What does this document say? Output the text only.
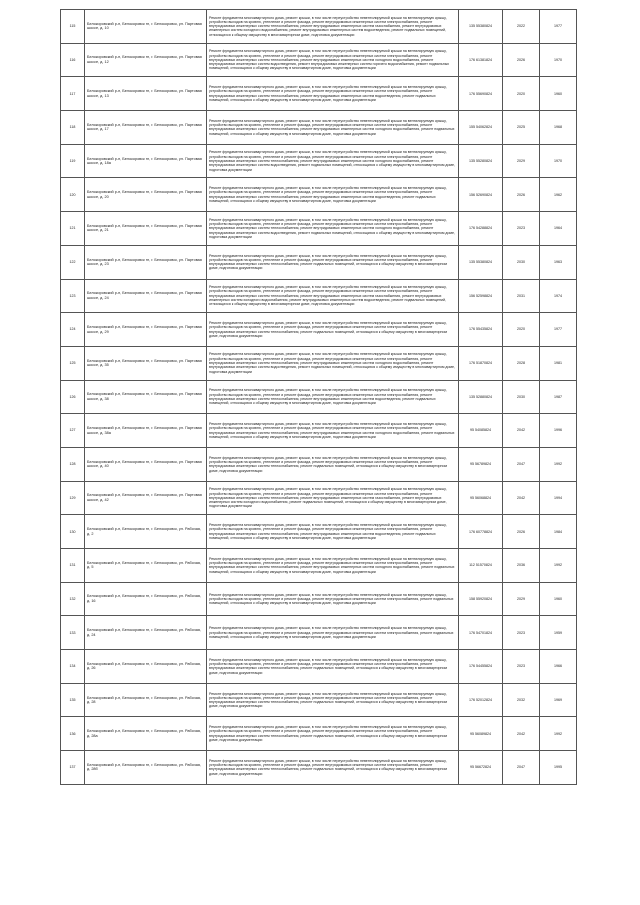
115	Белокоровский р-н, Белокоровск гп, г. Белокоровск, ул. Партовая шоссе, д. 10	Ремонт фундамента многоквартирного дома, ремонт крыши, в том числе переустройство невентилируемой крыши на вентилируемую крышу, устройство выходов на кровлю, утепление и ремонт фасада, ремонт внутридомовых инженерных систем электроснабжения, ремонт внутридомовых инженерных систем теплоснабжения, ремонт внутридомовых инженерных систем газоснабжения, ремонт внутридомовых инженерных систем холодного водоснабжения, ремонт внутридомовых инженерных систем водоотведения, ремонт подвальных помещений, относящихся к общему имуществу в многоквартирном доме, подготовка документации	135 55380824	2022	1977
116	Белокоровский р-н, Белокоровск гп, г. Белокоровск, ул. Партовая шоссе, д. 12	Ремонт фундамента многоквартирного дома, ремонт крыши, в том числе переустройство невентилируемой крыши на вентилируемую крышу, устройство выходов на кровлю, утепление и ремонт фасада, ремонт внутридомовых инженерных систем электроснабжения, ремонт внутридомовых инженерных систем теплоснабжения, ремонт внутридомовых инженерных систем холодного водоснабжения, ремонт внутридомовых инженерных систем водоотведения, ремонт внутридомовых инженерных систем горячего водоснабжения, ремонт подвальных помещений, относящихся к общему имуществу в многоквартирном доме, подготовка документации	176 61381824	2026	1970
117	Белокоровский р-н, Белокоровск гп, г. Белокоровск, ул. Партовая шоссе, д. 13	Ремонт фундамента многоквартирного дома, ремонт крыши, в том числе переустройство невентилируемой крыши на вентилируемую крышу, устройство выходов на кровлю, утепление и ремонт фасада, ремонт внутридомовых инженерных систем электроснабжения, ремонт внутридомовых инженерных систем теплоснабжения, ремонт внутридомовых инженерных систем водоотведения, ремонт подвальных помещений, относящихся к общему имуществу в многоквартирном доме, подготовка документации	176 55690824	2020	1960
118	Белокоровский р-н, Белокоровск гп, г. Белокоровск, ул. Партовая шоссе, д. 17	Ремонт фундамента многоквартирного дома, ремонт крыши, в том числе переустройство невентилируемой крыши на вентилируемую крышу, устройство выходов на кровлю, утепление и ремонт фасада, ремонт внутридомовых инженерных систем электроснабжения, ремонт внутридомовых инженерных систем теплоснабжения, ремонт внутридомовых инженерных систем холодного водоснабжения, ремонт подвальных помещений, относящихся к общему имуществу в многоквартирном доме, подготовка документации	155 54062824	2025	1968
119	Белокоровский р-н, Белокоровск гп, г. Белокоровск, ул. Партовая шоссе, д. 18а	Ремонт фундамента многоквартирного дома, ремонт крыши, в том числе переустройство невентилируемой крыши на вентилируемую крышу, устройство выходов на кровлю, утепление и ремонт фасада, ремонт внутридомовых инженерных систем электроснабжения, ремонт внутридомовых инженерных систем теплоснабжения, ремонт внутридомовых инженерных систем холодного водоснабжения, ремонт внутридомовых инженерных систем водоотведения, ремонт подвальных помещений, относящихся к общему имуществу в многоквартирном доме, подготовка документации	135 55280824	2029	1970
120	Белокоровский р-н, Белокоровск гп, г. Белокоровск, ул. Партовая шоссе, д. 20	Ремонт фундамента многоквартирного дома, ремонт крыши, в том числе переустройство невентилируемой крыши на вентилируемую крышу, устройство выходов на кровлю, утепление и ремонт фасада, ремонт внутридомовых инженерных систем электроснабжения, ремонт внутридомовых инженерных систем теплоснабжения, ремонт внутридомовых инженерных систем водоотведения, ремонт подвальных помещений, относящихся к общему имуществу в многоквартирном доме, подготовка документации	156 52690824	2026	1962
121	Белокоровский р-н, Белокоровск гп, г. Белокоровск, ул. Партовая шоссе, д. 21	Ремонт фундамента многоквартирного дома, ремонт крыши, в том числе переустройство невентилируемой крыши на вентилируемую крышу, устройство выходов на кровлю, утепление и ремонт фасада, ремонт внутридомовых инженерных систем электроснабжения, ремонт внутридомовых инженерных систем теплоснабжения, ремонт внутридомовых инженерных систем холодного водоснабжения, ремонт внутридомовых инженерных систем водоотведения, ремонт подвальных помещений, относящихся к общему имуществу в многоквартирном доме, подготовка документации	176 54288824	2023	1964
122	Белокоровский р-н, Белокоровск гп, г. Белокоровск, ул. Партовая шоссе, д. 23	Ремонт фундамента многоквартирного дома, ремонт крыши, в том числе переустройство невентилируемой крыши на вентилируемую крышу, устройство выходов на кровлю, утепление и ремонт фасада, ремонт внутридомовых инженерных систем электроснабжения, ремонт внутридомовых инженерных систем теплоснабжения, ремонт подвальных помещений, относящихся к общему имуществу в многоквартирном доме, подготовка документации	135 55380824	2030	1963
123	Белокоровский р-н, Белокоровск гп, г. Белокоровск, ул. Партовая шоссе, д. 24	Ремонт фундамента многоквартирного дома, ремонт крыши, в том числе переустройство невентилируемой крыши на вентилируемую крышу, устройство выходов на кровлю, утепление и ремонт фасада, ремонт внутридомовых инженерных систем электроснабжения, ремонт внутридомовых инженерных систем теплоснабжения, ремонт внутридомовых инженерных систем газоснабжения, ремонт внутридомовых инженерных систем холодного водоснабжения, ремонт внутридомовых инженерных систем водоотведения, ремонт подвальных помещений, относящихся к общему имуществу в многоквартирном доме, подготовка документации	156 52598824	2031	1974
124	Белокоровский р-н, Белокоровск гп, г. Белокоровск, ул. Партовая шоссе, д. 29	Ремонт фундамента многоквартирного дома, ремонт крыши, в том числе переустройство невентилируемой крыши на вентилируемую крышу, устройство выходов на кровлю, утепление и ремонт фасада, ремонт внутридомовых инженерных систем электроснабжения, ремонт внутридомовых инженерных систем теплоснабжения, ремонт подвальных помещений, относящихся к общему имуществу в многоквартирном доме, подготовка документации	176 55435824	2020	1977
125	Белокоровский р-н, Белокоровск гп, г. Белокоровск, ул. Партовая шоссе, д. 35	Ремонт фундамента многоквартирного дома, ремонт крыши, в том числе переустройство невентилируемой крыши на вентилируемую крышу, устройство выходов на кровлю, утепление и ремонт фасада, ремонт внутридомовых инженерных систем электроснабжения, ремонт внутридомовых инженерных систем теплоснабжения, ремонт внутридомовых инженерных систем холодного водоснабжения, ремонт внутридомовых инженерных систем водоотведения, ремонт подвальных помещений, относящихся к общему имуществу в многоквартирном доме, подготовка документации	176 51870824	2028	1981
126	Белокоровский р-н, Белокоровск гп, г. Белокоровск, ул. Партовая шоссе, д. 38	Ремонт фундамента многоквартирного дома, ремонт крыши, в том числе переустройство невентилируемой крыши на вентилируемую крышу, устройство выходов на кровлю, утепление и ремонт фасада, ремонт внутридомовых инженерных систем электроснабжения, ремонт внутридомовых инженерных систем теплоснабжения, ремонт внутридомовых инженерных систем водоотведения, ремонт подвальных помещений, относящихся к общему имуществу в многоквартирном доме, подготовка документации	135 52880824	2030	1987
127	Белокоровский р-н, Белокоровск гп, г. Белокоровск, ул. Партовая шоссе, д. 38а	Ремонт фундамента многоквартирного дома, ремонт крыши, в том числе переустройство невентилируемой крыши на вентилируемую крышу, устройство выходов на кровлю, утепление и ремонт фасада, ремонт внутридомовых инженерных систем электроснабжения, ремонт внутридомовых инженерных систем теплоснабжения, ремонт внутридомовых инженерных систем холодного водоснабжения, ремонт подвальных помещений, относящихся к общему имуществу в многоквартирном доме, подготовка документации	95 54085824	2042	1996
128	Белокоровский р-н, Белокоровск гп, г. Белокоровск, ул. Партовая шоссе, д. 40	Ремонт фундамента многоквартирного дома, ремонт крыши, в том числе переустройство невентилируемой крыши на вентилируемую крышу, устройство выходов на кровлю, утепление и ремонт фасада, ремонт внутридомовых инженерных систем электроснабжения, ремонт внутридомовых инженерных систем теплоснабжения, ремонт подвальных помещений, относящихся к общему имуществу в многоквартирном доме, подготовка документации	95 56789824	2047	1992
129	Белокоровский р-н, Белокоровск гп, г. Белокоровск, ул. Партовая шоссе, д. 42	Ремонт фундамента многоквартирного дома, ремонт крыши, в том числе переустройство невентилируемой крыши на вентилируемую крышу, устройство выходов на кровлю, утепление и ремонт фасада, ремонт внутридомовых инженерных систем электроснабжения, ремонт внутридомовых инженерных систем теплоснабжения, ремонт внутридомовых инженерных систем газоснабжения, ремонт внутридомовых инженерных систем холодного водоснабжения, ремонт подвальных помещений, относящихся к общему имуществу в многоквартирном доме, подготовка документации	95 56068824	2042	1994
130	Белокоровский р-н, Белокоровск гп, г. Белокоровск, ул. Рабочая, д. 2	Ремонт фундамента многоквартирного дома, ремонт крыши, в том числе переустройство невентилируемой крыши на вентилируемую крышу, устройство выходов на кровлю, утепление и ремонт фасада, ремонт внутридомовых инженерных систем электроснабжения, ремонт внутридомовых инженерных систем теплоснабжения, ремонт внутридомовых инженерных систем водоотведения, ремонт подвальных помещений, относящихся к общему имуществу в многоквартирном доме, подготовка документации	176 60778824	2026	1984
131	Белокоровский р-н, Белокоровск гп, г. Белокоровск, ул. Рабочая, д. 5	Ремонт фундамента многоквартирного дома, ремонт крыши, в том числе переустройство невентилируемой крыши на вентилируемую крышу, устройство выходов на кровлю, утепление и ремонт фасада, ремонт внутридомовых инженерных систем электроснабжения, ремонт внутридомовых инженерных систем теплоснабжения, ремонт внутридомовых инженерных систем холодного водоснабжения, ремонт подвальных помещений, относящихся к общему имуществу в многоквартирном доме, подготовка документации	112 51570824	2036	1992
132	Белокоровский р-н, Белокоровск гп, г. Белокоровск, ул. Рабочая, д. 16	Ремонт фундамента многоквартирного дома, ремонт крыши, в том числе переустройство невентилируемой крыши на вентилируемую крышу, устройство выходов на кровлю, утепление и ремонт фасада, ремонт внутридомовых инженерных систем электроснабжения, ремонт подвальных помещений, относящихся к общему имуществу в многоквартирном доме, подготовка документации	158 55920824	2029	1960
133	Белокоровский р-н, Белокоровск гп, г. Белокоровск, ул. Рабочая, д. 24	Ремонт фундамента многоквартирного дома, ремонт крыши, в том числе переустройство невентилируемой крыши на вентилируемую крышу, устройство выходов на кровлю, утепление и ремонт фасада, ремонт внутридомовых инженерных систем электроснабжения, ремонт подвальных помещений, относящихся к общему имуществу в многоквартирном доме, подготовка документации	176 54701824	2023	1959
134	Белокоровский р-н, Белокоровск гп, г. Белокоровск, ул. Рабочая, д. 26	Ремонт фундамента многоквартирного дома, ремонт крыши, в том числе переустройство невентилируемой крыши на вентилируемую крышу, устройство выходов на кровлю, утепление и ремонт фасада, ремонт внутридомовых инженерных систем электроснабжения, ремонт внутридомовых инженерных систем теплоснабжения, ремонт подвальных помещений, относящихся к общему имуществу в многоквартирном доме, подготовка документации	176 54455824	2023	1966
135	Белокоровский р-н, Белокоровск гп, г. Белокоровск, ул. Рабочая, д. 28	Ремонт фундамента многоквартирного дома, ремонт крыши, в том числе переустройство невентилируемой крыши на вентилируемую крышу, устройство выходов на кровлю, утепление и ремонт фасада, ремонт внутридомовых инженерных систем электроснабжения, ремонт внутридомовых инженерных систем теплоснабжения, ремонт подвальных помещений, относящихся к общему имуществу в многоквартирном доме, подготовка документации	176 52012824	2032	1969
136	Белокоровский р-н, Белокоровск гп, г. Белокоровск, ул. Рабочая, д. 28а	Ремонт фундамента многоквартирного дома, ремонт крыши, в том числе переустройство невентилируемой крыши на вентилируемую крышу, устройство выходов на кровлю, утепление и ремонт фасада, ремонт внутридомовых инженерных систем электроснабжения, ремонт внутридомовых инженерных систем теплоснабжения, ремонт подвальных помещений, относящихся к общему имуществу в многоквартирном доме, подготовка документации	95 56089824	2042	1992
137	Белокоровский р-н, Белокоровск гп, г. Белокоровск, ул. Рабочая, д. 28б	Ремонт фундамента многоквартирного дома, ремонт крыши, в том числе переустройство невентилируемой крыши на вентилируемую крышу, устройство выходов на кровлю, утепление и ремонт фасада, ремонт внутридомовых инженерных систем электроснабжения, ремонт внутридомовых инженерных систем теплоснабжения, ремонт подвальных помещений, относящихся к общему имуществу в многоквартирном доме, подготовка документации	95 56672824	2047	1995
